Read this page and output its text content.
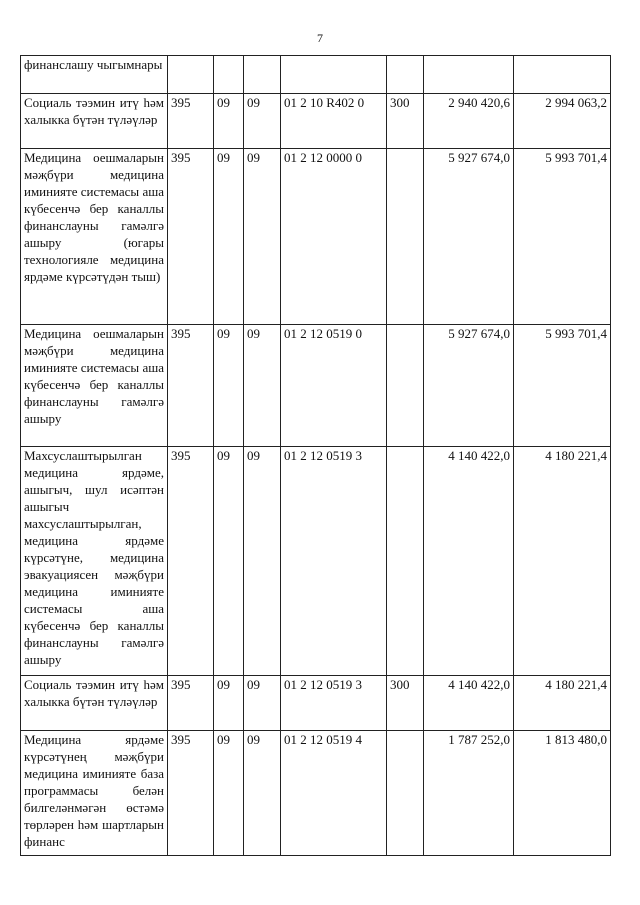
7
финанслашу чыгымнары							
Социаль тәэмин итү һәм халыкка бүтән түләүләр	395	09	09	01 2 10 R402 0	300	2 940 420,6	2 994 063,2
Медицина оешмаларын мәҗбүри медицина иминияте системасы аша күбесенчә бер каналлы финанслауны гамәлгә ашыру (югары технологияле медицина ярдәме күрсәтүдән тыш)	395	09	09	01 2 12 0000 0		5 927 674,0	5 993 701,4
Медицина оешмаларын мәҗбүри медицина иминияте системасы аша күбесенчә бер каналлы финанслауны гамәлгә ашыру	395	09	09	01 2 12 0519 0		5 927 674,0	5 993 701,4
Махсуслаштырылган медицина ярдәме, ашыгыч, шул исәптән ашыгыч махсуслаштырылган, медицина ярдәме күрсәтүне, медицина эвакуациясен мәҗбүри медицина иминияте системасы аша күбесенчә бер каналлы финанслауны гамәлгә ашыру	395	09	09	01 2 12 0519 3		4 140 422,0	4 180 221,4
Социаль тәэмин итү һәм халыкка бүтән түләүләр	395	09	09	01 2 12 0519 3	300	4 140 422,0	4 180 221,4
Медицина ярдәме күрсәтүнең мәҗбүри медицина иминияте база программасы белән билгеләнмәгән өстәмә төрләрен һәм шартларын финанс	395	09	09	01 2 12 0519 4		1 787 252,0	1 813 480,0
